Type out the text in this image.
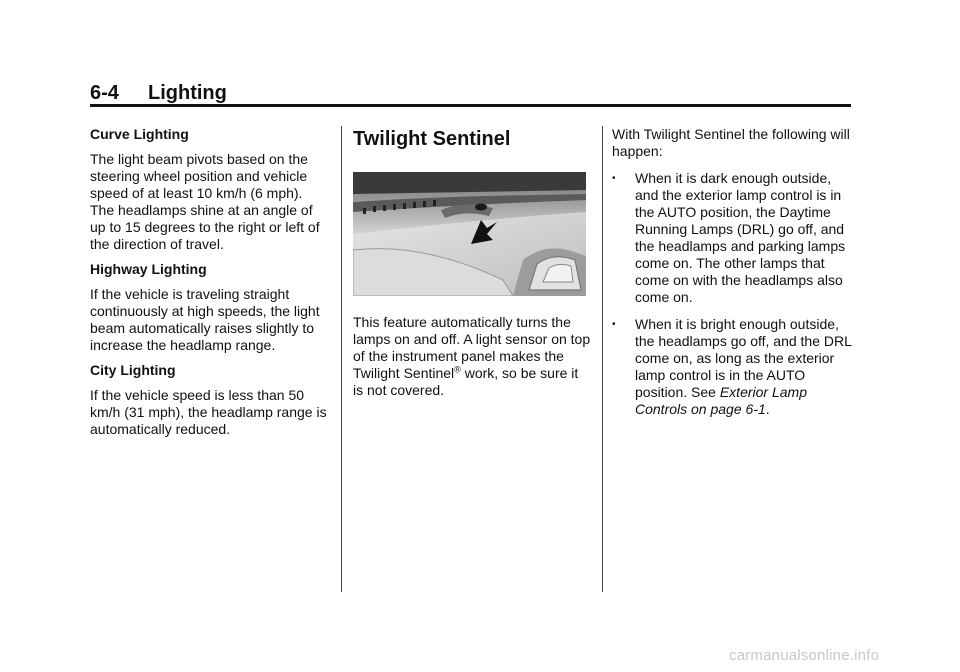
6-4 Lighting
Curve Lighting

The light beam pivots based on the steering wheel position and vehicle speed of at least 10 km/h (6 mph). The headlamps shine at an angle of up to 15 degrees to the right or left of the direction of travel.

Highway Lighting

If the vehicle is traveling straight continuously at high speeds, the light beam automatically raises slightly to increase the headlamp range.

City Lighting

If the vehicle speed is less than 50 km/h (31 mph), the headlamp range is automatically reduced.

Twilight Sentinel

This feature automatically turns the lamps on and off. A light sensor on top of the instrument panel makes the Twilight Sentinel® work, so be sure it is not covered.

With Twilight Sentinel the following will happen:

• When it is dark enough outside, and the exterior lamp control is in the AUTO position, the Daytime Running Lamps (DRL) go off, and the headlamps and parking lamps come on. The other lamps that come on with the headlamps also come on.
• When it is bright enough outside, the headlamps go off, and the DRL come on, as long as the exterior lamp control is in the AUTO position. See Exterior Lamp Controls on page 6-1.
carmanualsonline.info
